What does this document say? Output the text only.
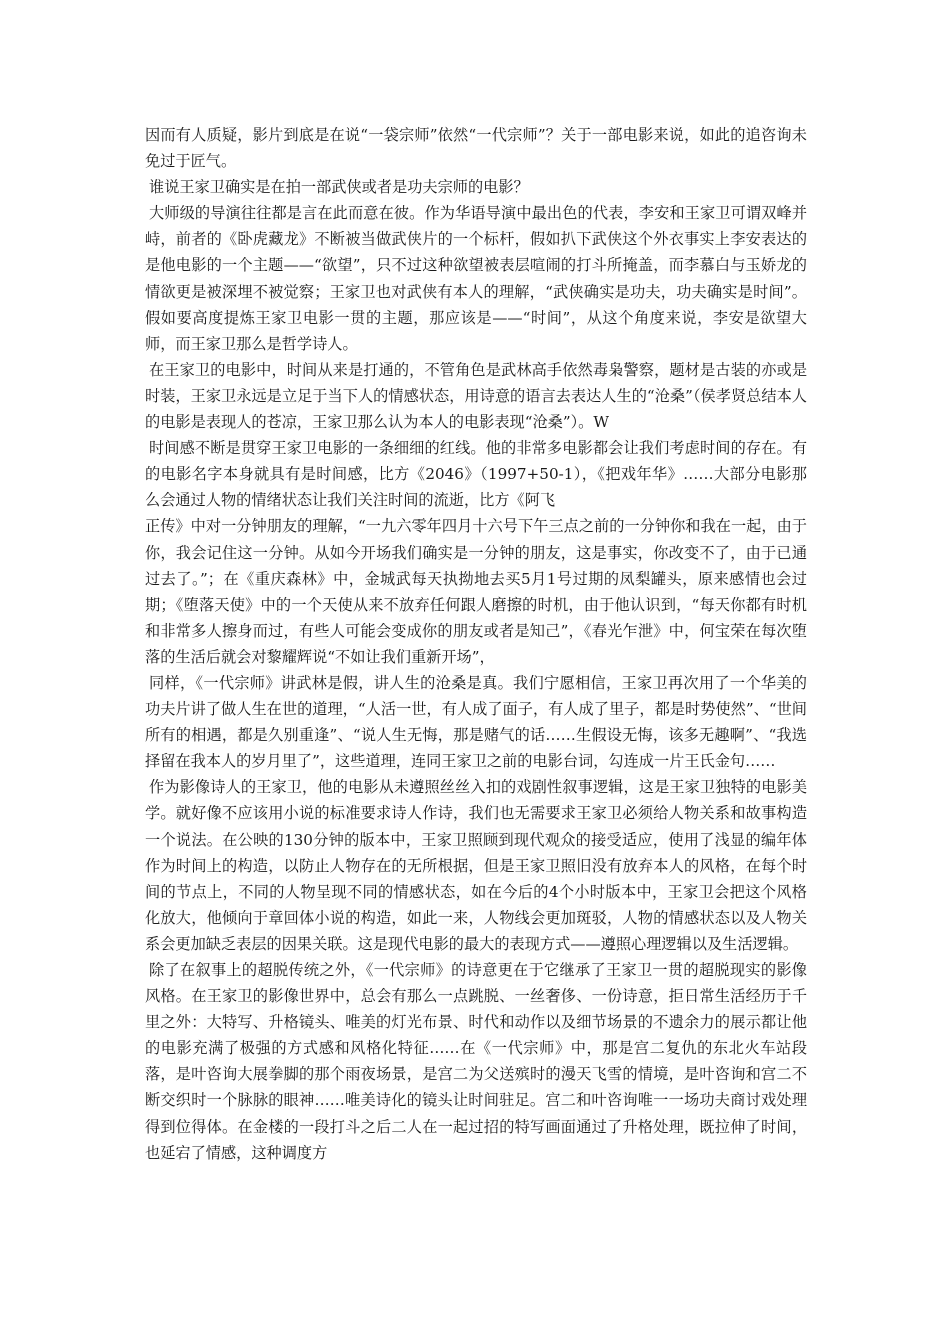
因而有人质疑，影片到底是在说“一袋宗师”依然“一代宗师”？关于一部电影来说，如此的追咨询未免过于匠气。

谁说王家卫确实是在拍一部武侠或者是功夫宗师的电影？

大师级的导演往往都是言在此而意在彼。作为华语导演中最出色的代表，李安和王家卫可谓双峰并峙，前者的《卧虎藏龙》不断被当做武侠片的一个标杆，假如扒下武侠这个外衣事实上李安表达的是他电影的一个主题——“欲望”，只不过这种欲望被表层喧闹的打斗所掩盖，而李慕白与玉娇龙的情欲更是被深埋不被觉察；王家卫也对武侠有本人的理解，“武侠确实是功夫，功夫确实是时间”。假如要高度提炼王家卫电影一贯的主题，那应该是——“时间”，从这个角度来说，李安是欲望大师，而王家卫那么是哲学诗人。

在王家卫的电影中，时间从来是打通的，不管角色是武林高手依然毒枭警察，题材是古装的亦或是时装，王家卫永远是立足于当下人的情感状态，用诗意的语言去表达人生的“沧桑”（侯孝贤总结本人的电影是表现人的苍凉，王家卫那么认为本人的电影表现“沧桑”）。W

时间感不断是贯穿王家卫电影的一条细细的红线。他的非常多电影都会让我们考虑时间的存在。有的电影名字本身就具有是时间感，比方《2046》（1997+50-1），《把戏年华》……大部分电影那么会通过人物的情绪状态让我们关注时间的流逝，比方《阿飞

正传》中对一分钟朋友的理解，“一九六零年四月十六号下午三点之前的一分钟你和我在一起，由于你，我会记住这一分钟。从如今开场我们确实是一分钟的朋友，这是事实，你改变不了，由于已通过去了。”；在《重庆森林》中，金城武每天执拗地去买5月1号过期的凤梨罐头，原来感情也会过期；《堕落天使》中的一个天使从来不放弃任何跟人磨擦的时机，由于他认识到，“每天你都有时机和非常多人擦身而过，有些人可能会变成你的朋友或者是知己”，《春光乍泄》中，何宝荣在每次堕落的生活后就会对黎耀辉说“不如让我们重新开场”，

同样，《一代宗师》讲武林是假，讲人生的沧桑是真。我们宁愿相信，王家卫再次用了一个华美的功夫片讲了做人生在世的道理，“人活一世，有人成了面子，有人成了里子，都是时势使然”、“世间所有的相遇，都是久别重逢”、“说人生无悔，那是赌气的话……生假设无悔，该多无趣啊”、“我选择留在我本人的岁月里了”，这些道理，连同王家卫之前的电影台词，勾连成一片王氏金句……

作为影像诗人的王家卫，他的电影从未遵照丝丝入扣的戏剧性叙事逻辑，这是王家卫独特的电影美学。就好像不应该用小说的标准要求诗人作诗，我们也无需要求王家卫必须给人物关系和故事构造一个说法。在公映的130分钟的版本中，王家卫照顾到现代观众的接受适应，使用了浅显的编年体作为时间上的构造，以防止人物存在的无所根据，但是王家卫照旧没有放弃本人的风格，在每个时间的节点上，不同的人物呈现不同的情感状态，如在今后的4个小时版本中，王家卫会把这个风格化放大，他倾向于章回体小说的构造，如此一来，人物线会更加斑驳，人物的情感状态以及人物关系会更加缺乏表层的因果关联。这是现代电影的最大的表现方式——遵照心理逻辑以及生活逻辑。

除了在叙事上的超脱传统之外，《一代宗师》的诗意更在于它继承了王家卫一贯的超脱现实的影像风格。在王家卫的影像世界中，总会有那么一点跳脱、一丝奢侈、一份诗意，拒日常生活经历于千里之外：大特写、升格镜头、唯美的灯光布景、时代和动作以及细节场景的不遗余力的展示都让他的电影充满了极强的方式感和风格化特征……在《一代宗师》中，那是宫二复仇的东北火车站段落，是叶咨询大展拳脚的那个雨夜场景，是宫二为父送殡时的漫天飞雪的情境，是叶咨询和宫二不断交织时一个脉脉的眼神……唯美诗化的镜头让时间驻足。宫二和叶咨询唯一一场功夫商讨戏处理得到位得体。在金楼的一段打斗之后二人在一起过招的特写画面通过了升格处理，既拉伸了时间，也延宕了情感，这种调度方
